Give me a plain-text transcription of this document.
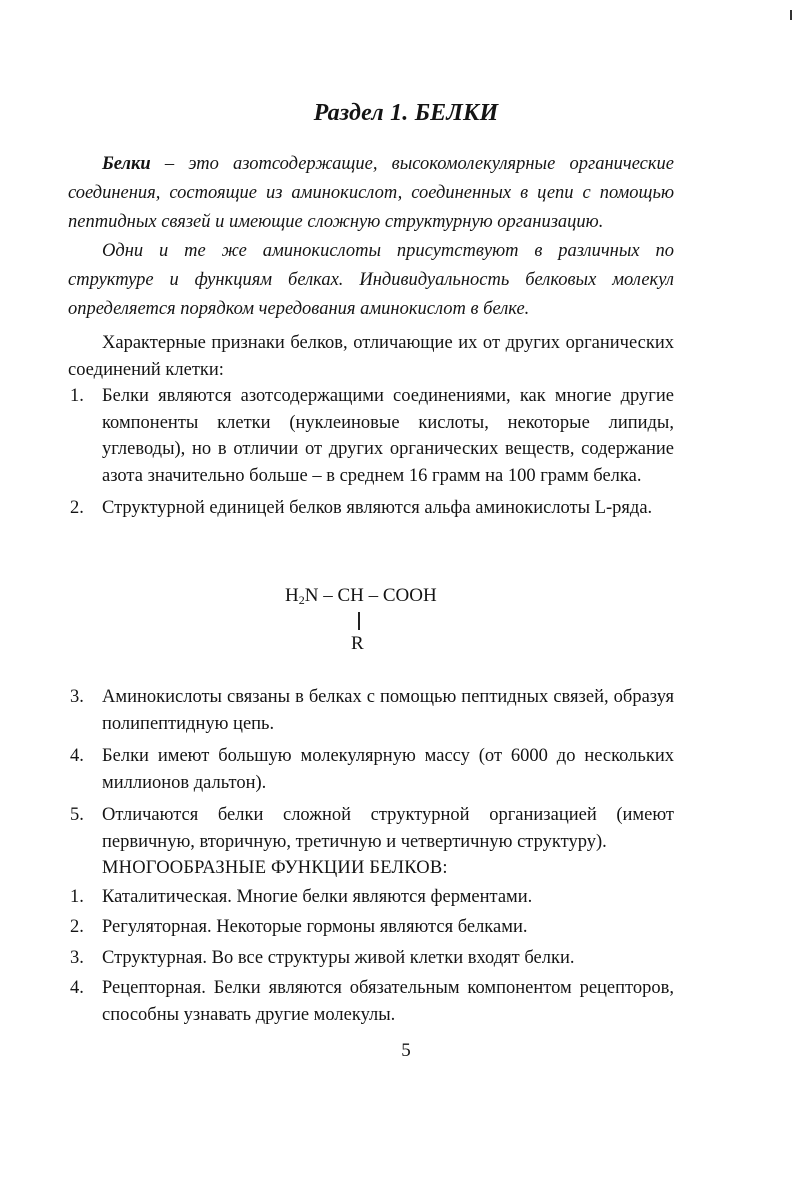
Раздел 1. БЕЛКИ

Белки – это азотсодержащие, высокомолекулярные органические соединения, состоящие из аминокислот, соединенных в цепи с помощью пептидных связей и имеющие сложную структурную организацию.

Одни и те же аминокислоты присутствуют в различных по структуре и функциям белках. Индивидуальность белковых молекул определяется порядком чередования аминокислот в белке.

Характерные признаки белков, отличающие их от других органических соединений клетки:

1. Белки являются азотсодержащими соединениями, как многие другие компоненты клетки (нуклеиновые кислоты, некоторые липиды, углеводы), но в отличии от других органических веществ, содержание азота значительно больше – в среднем 16 грамм на 100 грамм белка.
2. Структурной единицей белков являются альфа аминокислоты L-ряда.
$H_2N$ – CH – COOH
R
3. Аминокислоты связаны в белках с помощью пептидных связей, образуя полипептидную цепь.
4. Белки имеют большую молекулярную массу (от 6000 до нескольких миллионов дальтон).
5. Отличаются белки сложной структурной организацией (имеют первичную, вторичную, третичную и четвертичную структуру).

МНОГООБРАЗНЫЕ ФУНКЦИИ БЕЛКОВ:

1. Каталитическая. Многие белки являются ферментами.
2. Регуляторная. Некоторые гормоны являются белками.
3. Структурная. Во все структуры живой клетки входят белки.
4. Рецепторная. Белки являются обязательным компонентом рецепторов, способны узнавать другие молекулы.
5
